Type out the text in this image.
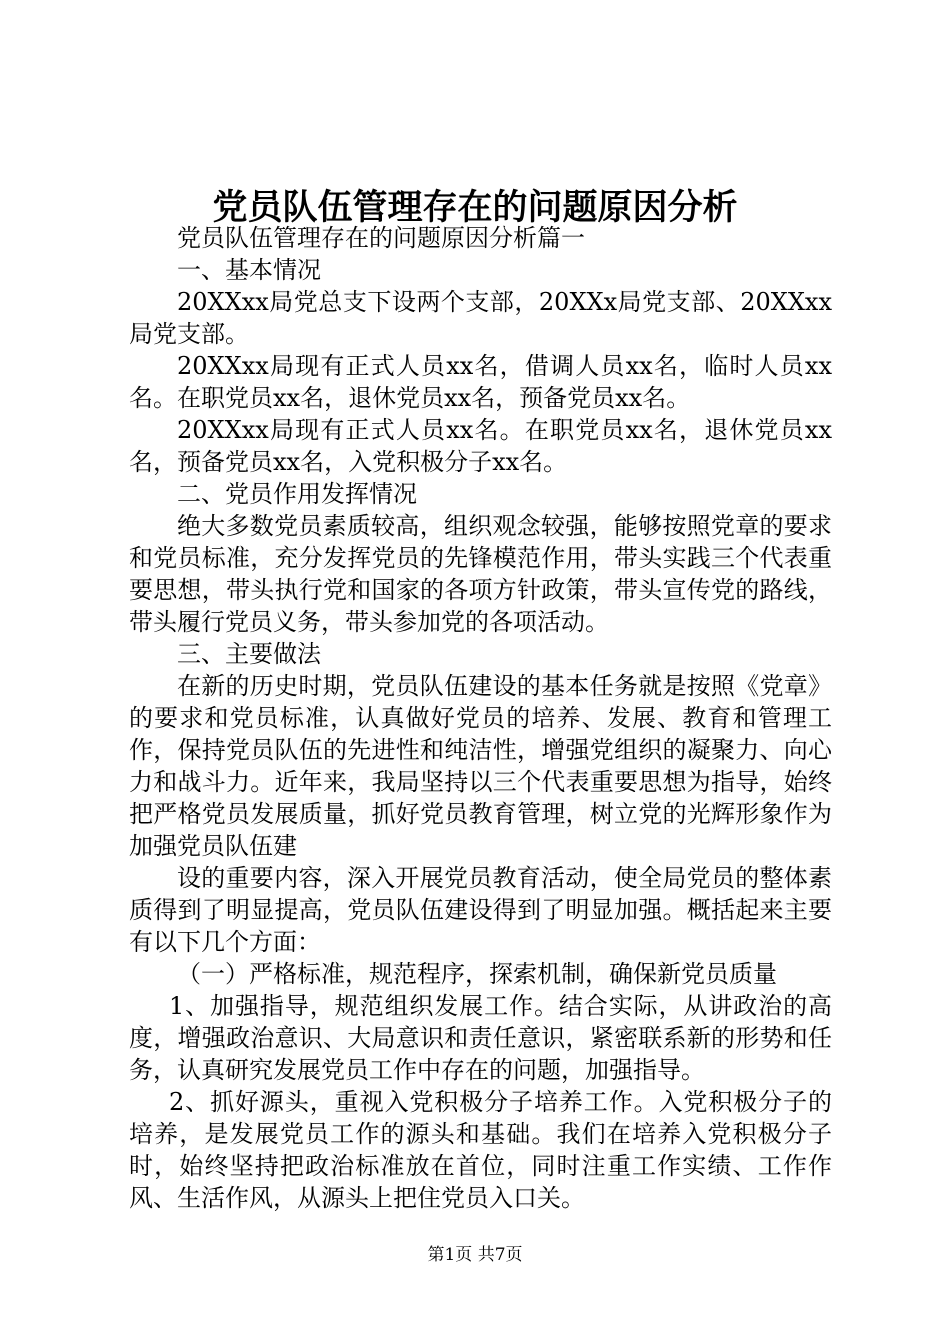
党员队伍管理存在的问题原因分析

党员队伍管理存在的问题原因分析篇一

一、基本情况

20XXxx局党总支下设两个支部，20XXx局党支部、20XXxx局党支部。

20XXxx局现有正式人员xx名，借调人员xx名，临时人员xx名。在职党员xx名，退休党员xx名，预备党员xx名。

20XXxx局现有正式人员xx名。在职党员xx名，退休党员xx名，预备党员xx名，入党积极分子xx名。

二、党员作用发挥情况

绝大多数党员素质较高，组织观念较强，能够按照党章的要求和党员标准，充分发挥党员的先锋模范作用，带头实践三个代表重要思想，带头执行党和国家的各项方针政策，带头宣传党的路线，带头履行党员义务，带头参加党的各项活动。

三、主要做法

在新的历史时期，党员队伍建设的基本任务就是按照《党章》的要求和党员标准，认真做好党员的培养、发展、教育和管理工作，保持党员队伍的先进性和纯洁性，增强党组织的凝聚力、向心力和战斗力。近年来，我局坚持以三个代表重要思想为指导，始终把严格党员发展质量，抓好党员教育管理，树立党的光辉形象作为加强党员队伍建

设的重要内容，深入开展党员教育活动，使全局党员的整体素质得到了明显提高，党员队伍建设得到了明显加强。概括起来主要有以下几个方面：

（一）严格标准，规范程序，探索机制，确保新党员质量

1、加强指导，规范组织发展工作。结合实际，从讲政治的高度，增强政治意识、大局意识和责任意识，紧密联系新的形势和任务，认真研究发展党员工作中存在的问题，加强指导。

2、抓好源头，重视入党积极分子培养工作。入党积极分子的培养，是发展党员工作的源头和基础。我们在培养入党积极分子时，始终坚持把政治标准放在首位，同时注重工作实绩、工作作风、生活作风，从源头上把住党员入口关。

第1页 共7页
